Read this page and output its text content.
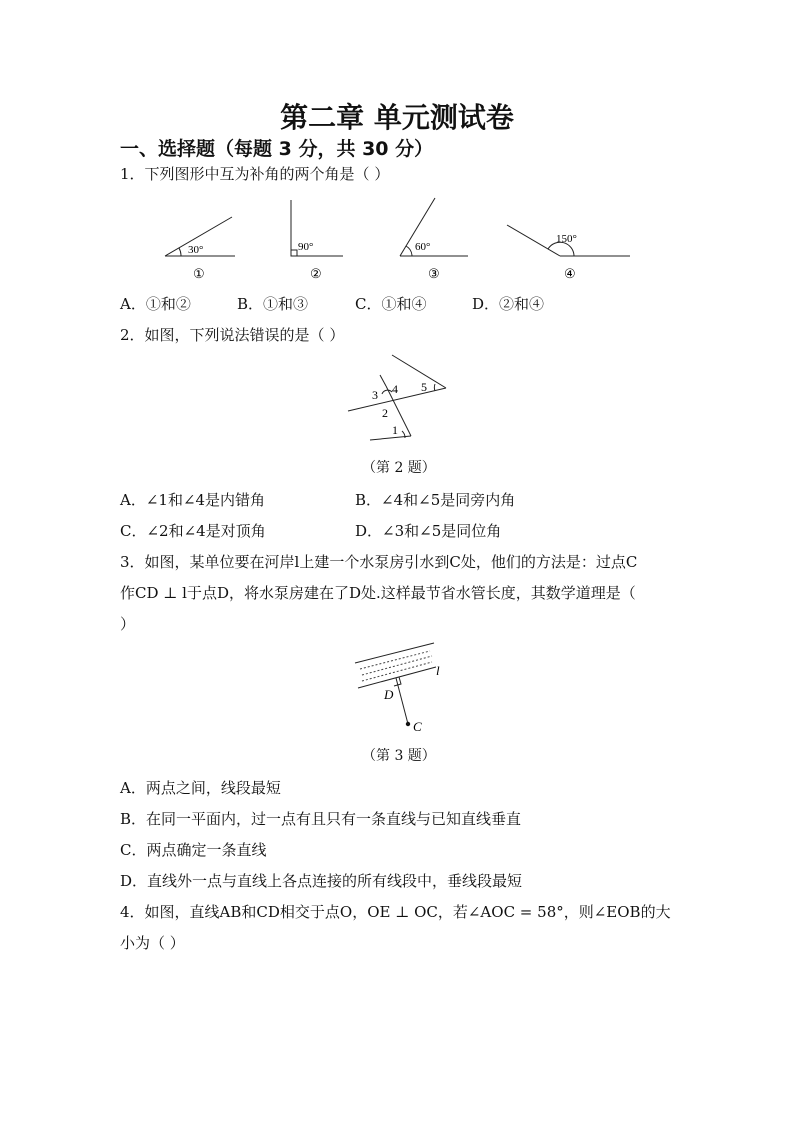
第二章 单元测试卷
一、选择题（每题 3 分，共 30 分）
1．下列图形中互为补角的两个角是（ ）
30°
①
90°
②
60°
③
150°
④
A．①和②	B．①和③	C．①和④	D．②和④
2．如图，下列说法错误的是（ ）
1
2
3 4 5
（第 2 题）
A．∠1和∠4是内错角	B．∠4和∠5是同旁内角
C．∠2和∠4是对顶角	D．∠3和∠5是同位角
3．如图，某单位要在河岸l上建一个水泵房引水到C处，他们的方法是：过点C
作CD ⊥ l于点D，将水泵房建在了D处.这样最节省水管长度，其数学道理是（
）
l
D
C
（第 3 题）
A．两点之间，线段最短
B．在同一平面内，过一点有且只有一条直线与已知直线垂直
C．两点确定一条直线
D．直线外一点与直线上各点连接的所有线段中，垂线段最短
4．如图，直线AB和CD相交于点O，OE ⊥ OC，若∠AOC = 58°，则∠EOB的大
小为（ ）
